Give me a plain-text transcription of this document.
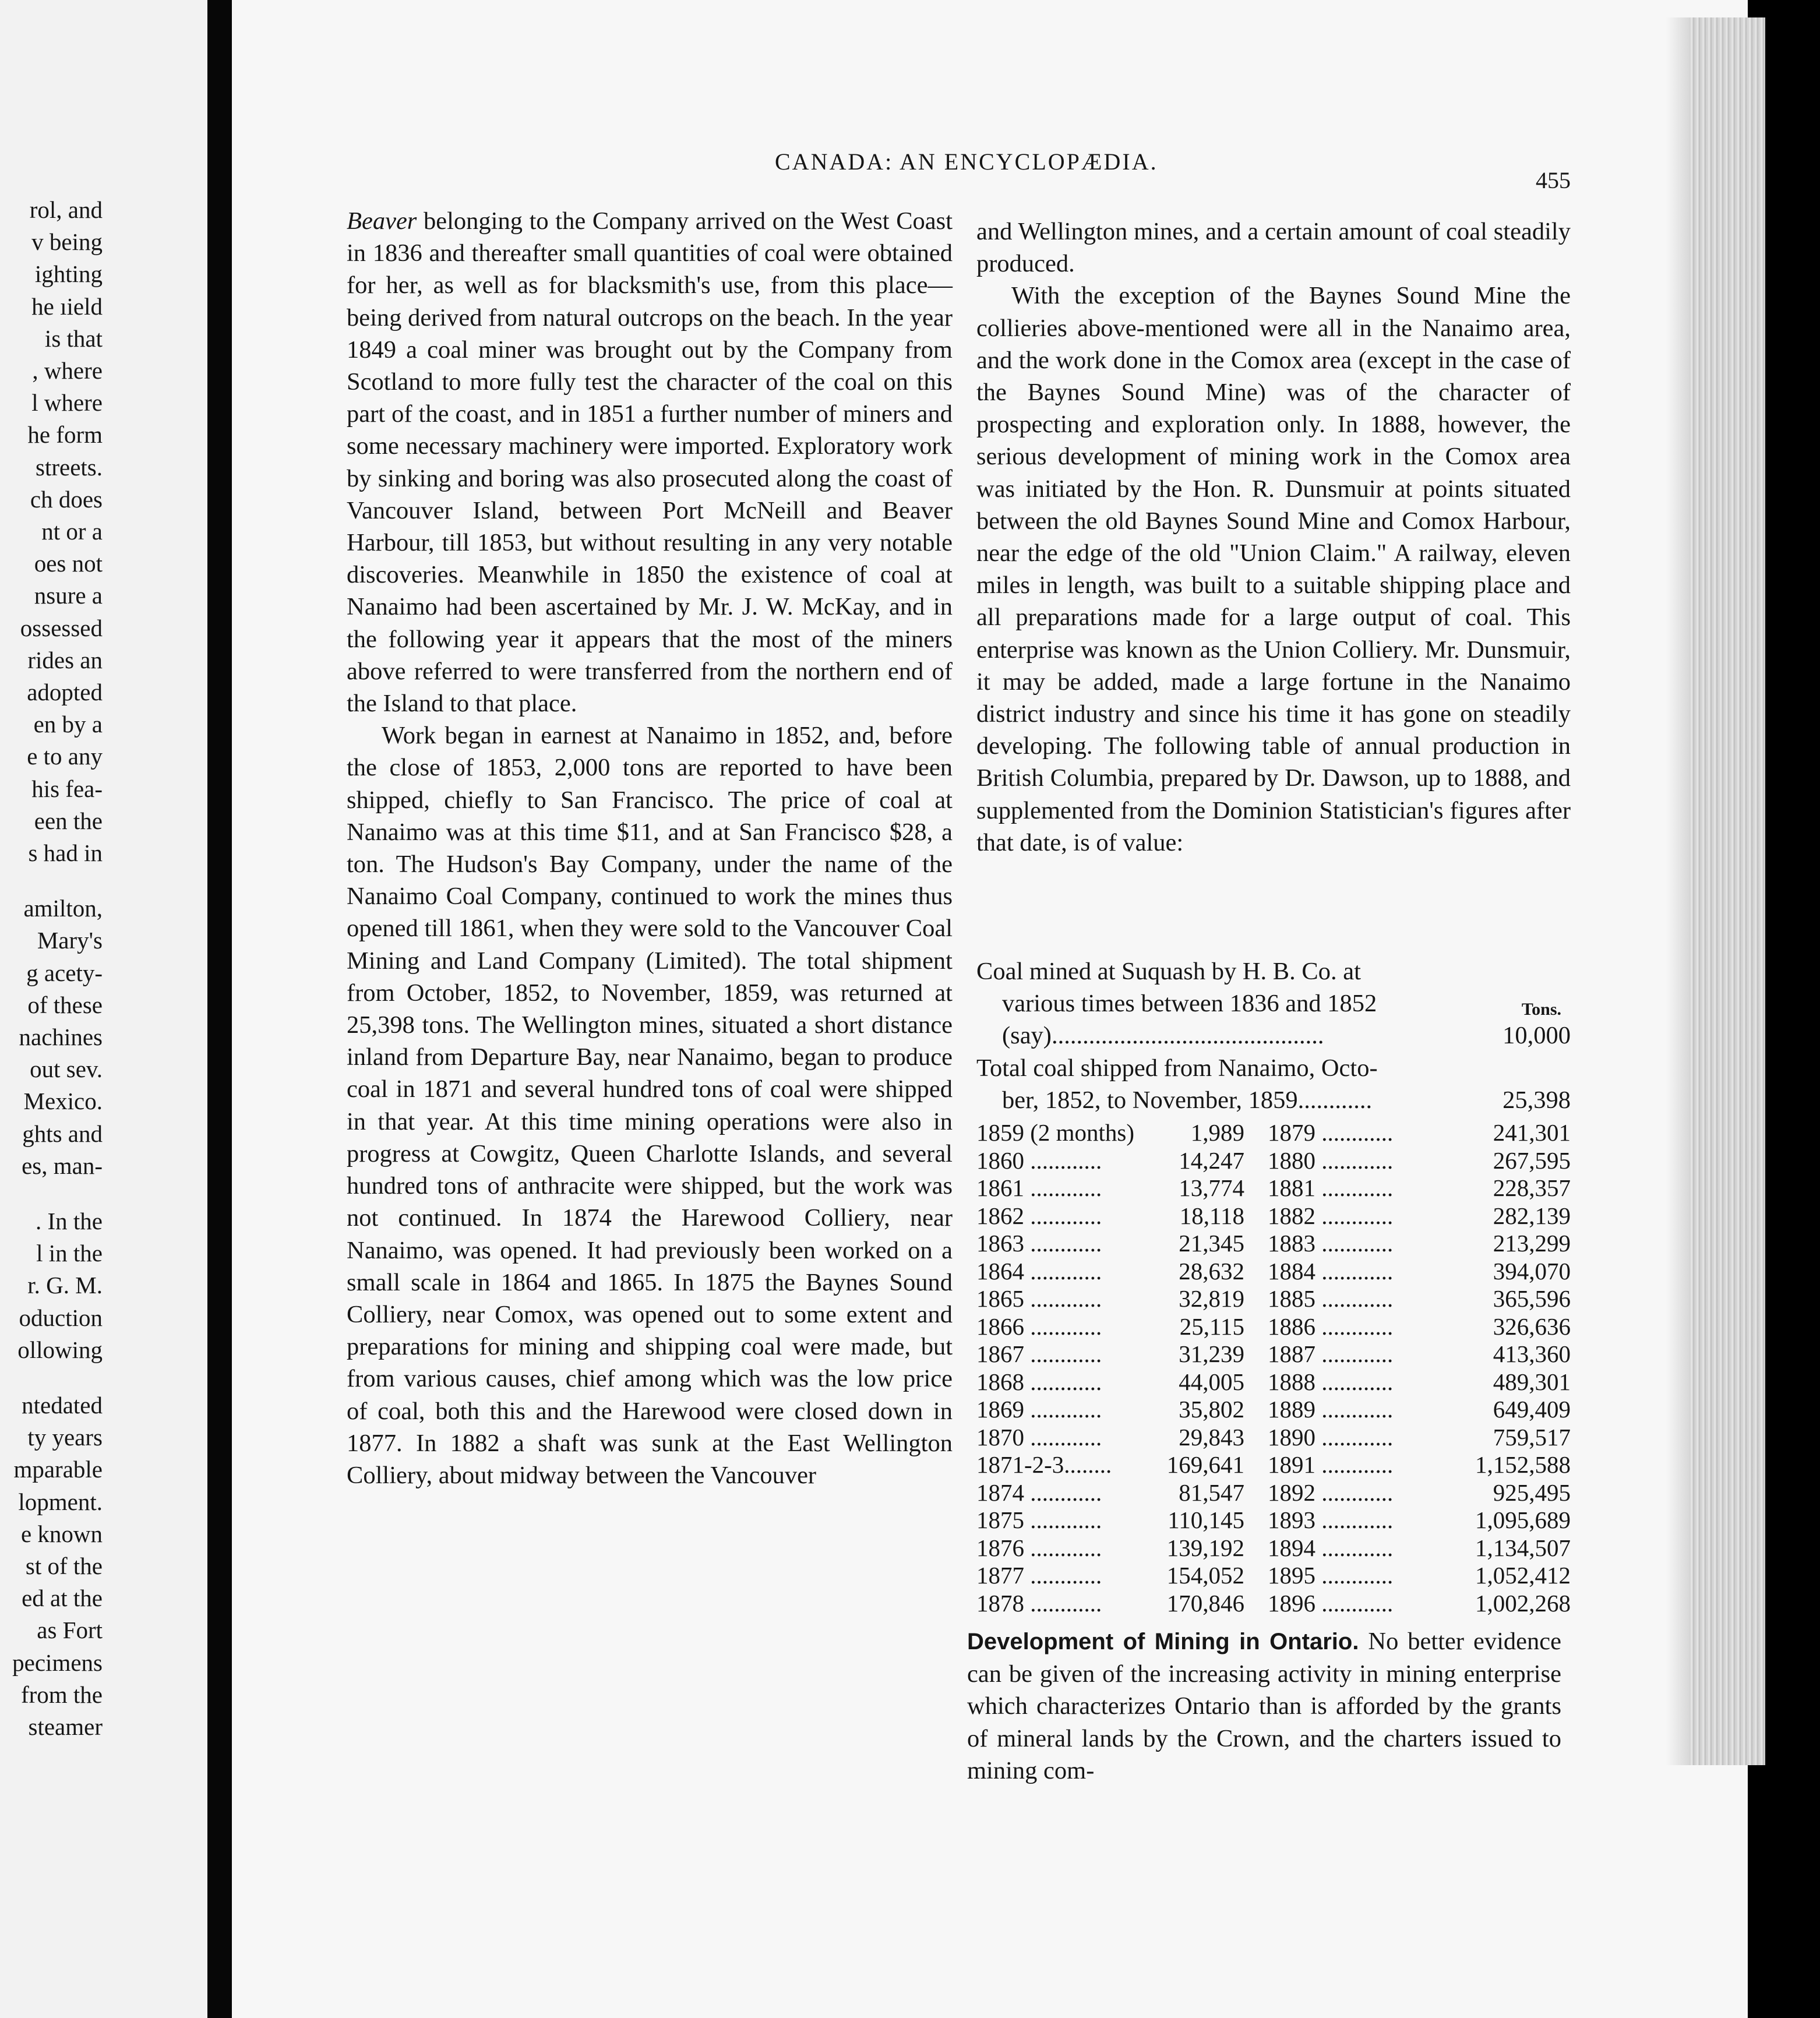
rol, and
v being
ighting
he ıield
is that
, where
l where
he form
streets.
ch does
nt or a
oes not
nsure a
ossessed
rides an
adopted
en by a
e to any
his fea-
een the
s had in
amilton,
Mary's
g acety-
of these
nachines
out sev.
Mexico.
ghts and
es, man-
. In the
l in the
r. G. M.
oduction
ollowing
ntedated
ty years
mparable
lopment.
e known
st of the
ed at the
as Fort
pecimens
from the
steamer
CANADA: AN ENCYCLOPÆDIA.
455

Beaver belonging to the Company arrived on the West Coast in 1836 and thereafter small quantities of coal were obtained for her, as well as for blacksmith's use, from this place—being derived from natural outcrops on the beach. In the year 1849 a coal miner was brought out by the Company from Scotland to more fully test the character of the coal on this part of the coast, and in 1851 a further number of miners and some necessary machinery were imported. Exploratory work by sinking and boring was also prosecuted along the coast of Vancouver Island, between Port McNeill and Beaver Harbour, till 1853, but without resulting in any very notable discoveries. Meanwhile in 1850 the existence of coal at Nanaimo had been ascertained by Mr. J. W. McKay, and in the following year it appears that the most of the miners above referred to were transferred from the northern end of the Island to that place.

Work began in earnest at Nanaimo in 1852, and, before the close of 1853, 2,000 tons are reported to have been shipped, chiefly to San Francisco. The price of coal at Nanaimo was at this time $11, and at San Francisco $28, a ton. The Hudson's Bay Company, under the name of the Nanaimo Coal Company, continued to work the mines thus opened till 1861, when they were sold to the Vancouver Coal Mining and Land Company (Limited). The total shipment from October, 1852, to November, 1859, was returned at 25,398 tons. The Wellington mines, situated a short distance inland from Departure Bay, near Nanaimo, began to produce coal in 1871 and several hundred tons of coal were shipped in that year. At this time mining operations were also in progress at Cowgitz, Queen Charlotte Islands, and several hundred tons of anthracite were shipped, but the work was not continued. In 1874 the Harewood Colliery, near Nanaimo, was opened. It had previously been worked on a small scale in 1864 and 1865. In 1875 the Baynes Sound Colliery, near Comox, was opened out to some extent and preparations for mining and shipping coal were made, but from various causes, chief among which was the low price of coal, both this and the Harewood were closed down in 1877. In 1882 a shaft was sunk at the East Wellington Colliery, about midway between the Vancouver

and Wellington mines, and a certain amount of coal steadily produced.

With the exception of the Baynes Sound Mine the collieries above-mentioned were all in the Nanaimo area, and the work done in the Comox area (except in the case of the Baynes Sound Mine) was of the character of prospecting and exploration only. In 1888, however, the serious development of mining work in the Comox area was initiated by the Hon. R. Dunsmuir at points situated between the old Baynes Sound Mine and Comox Harbour, near the edge of the old "Union Claim." A railway, eleven miles in length, was built to a suitable shipping place and all preparations made for a large output of coal. This enterprise was known as the Union Colliery. Mr. Dunsmuir, it may be added, made a large fortune in the Nanaimo district industry and since his time it has gone on steadily developing. The following table of annual production in British Columbia, prepared by Dr. Dawson, up to 1888, and supplemented from the Dominion Statistician's figures after that date, is of value:

Coal mined at Suquash by H. B. Co. at
various times between 1836 and 1852	Tons.
(say)............................................	10,000
Total coal shipped from Nanaimo, Octo-
ber, 1852, to November, 1859............	25,398
1859 (2 months)	1,989 1879 ............	241,301
1860 ............	14,247 1880 ............	267,595
1861 ............	13,774 1881 ............	228,357
1862 ............	18,118 1882 ............	282,139
1863 ............	21,345 1883 ............	213,299
1864 ............	28,632 1884 ............	394,070
1865 ............	32,819 1885 ............	365,596
1866 ............	25,115 1886 ............	326,636
1867 ............	31,239 1887 ............	413,360
1868 ............	44,005 1888 ............	489,301
1869 ............	35,802 1889 ............	649,409
1870 ............	29,843 1890 ............	759,517
1871-2-3........	169,641 1891 ............	1,152,588
1874 ............	81,547 1892 ............	925,495
1875 ............	110,145 1893 ............	1,095,689
1876 ............	139,192 1894 ............	1,134,507
1877 ............	154,052 1895 ............	1,052,412
1878 ............	170,846 1896 ............	1,002,268
Development of Mining in Ontario. No better evidence can be given of the increasing activity in mining enterprise which characterizes Ontario than is afforded by the grants of mineral lands by the Crown, and the charters issued to mining com-
